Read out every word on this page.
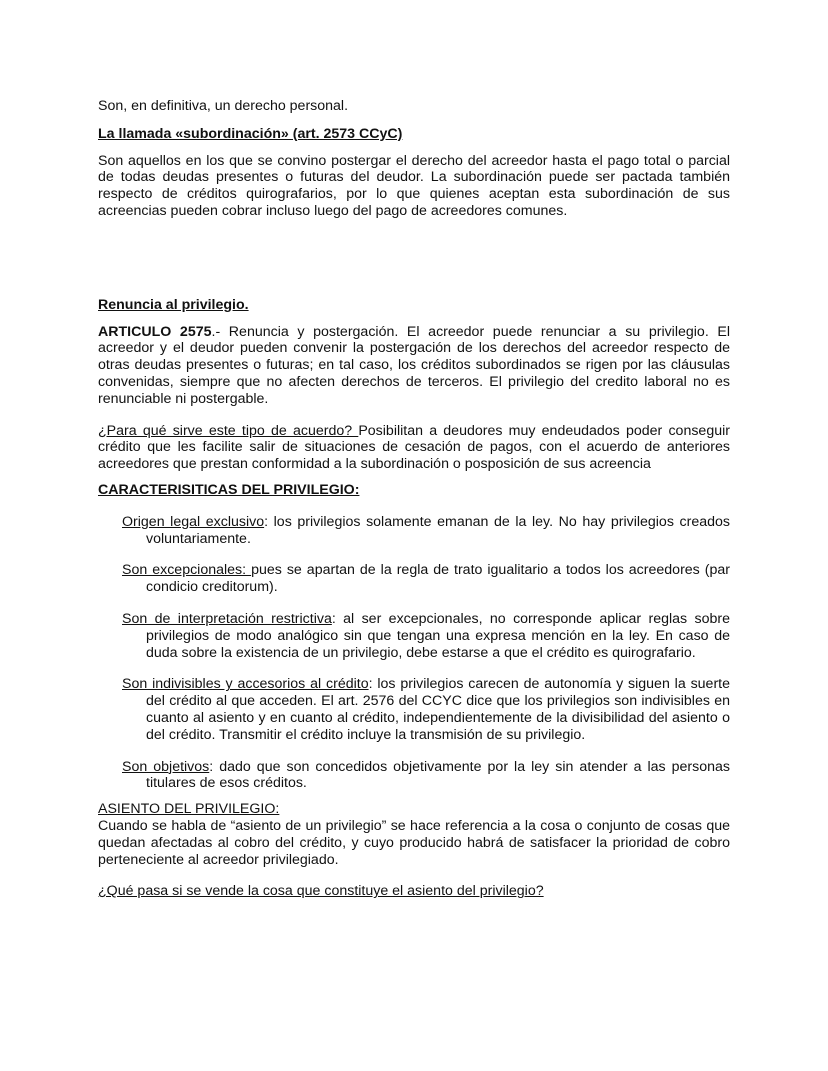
Son, en definitiva, un derecho personal.

La llamada «subordinación» (art. 2573 CCyC)

Son aquellos en los que se convino postergar el derecho del acreedor hasta el pago total o parcial de todas deudas presentes o futuras del deudor. La subordinación puede ser pactada también respecto de créditos quirografarios, por lo que quienes aceptan esta subordinación de sus acreencias pueden cobrar incluso luego del pago de acreedores comunes.

Renuncia al privilegio.

ARTICULO 2575.- Renuncia y postergación. El acreedor puede renunciar a su privilegio. El acreedor y el deudor pueden convenir la postergación de los derechos del acreedor respecto de otras deudas presentes o futuras; en tal caso, los créditos subordinados se rigen por las cláusulas convenidas, siempre que no afecten derechos de terceros. El privilegio del credito laboral no es renunciable ni postergable.

¿Para qué sirve este tipo de acuerdo? Posibilitan a deudores muy endeudados poder conseguir crédito que les facilite salir de situaciones de cesación de pagos, con el acuerdo de anteriores acreedores que prestan conformidad a la subordinación o posposición de sus acreencia

CARACTERISITICAS DEL PRIVILEGIO:

Origen legal exclusivo: los privilegios solamente emanan de la ley. No hay privilegios creados voluntariamente.

Son excepcionales: pues se apartan de la regla de trato igualitario a todos los acreedores (par condicio creditorum).

Son de interpretación restrictiva: al ser excepcionales, no corresponde aplicar reglas sobre privilegios de modo analógico sin que tengan una expresa mención en la ley. En caso de duda sobre la existencia de un privilegio, debe estarse a que el crédito es quirografario.

Son indivisibles y accesorios al crédito: los privilegios carecen de autonomía y siguen la suerte del crédito al que acceden. El art. 2576 del CCYC dice que los privilegios son indivisibles en cuanto al asiento y en cuanto al crédito, independientemente de la divisibilidad del asiento o del crédito. Transmitir el crédito incluye la transmisión de su privilegio.

Son objetivos: dado que son concedidos objetivamente por la ley sin atender a las personas titulares de esos créditos.

ASIENTO DEL PRIVILEGIO:

Cuando se habla de “asiento de un privilegio” se hace referencia a la cosa o conjunto de cosas que quedan afectadas al cobro del crédito, y cuyo producido habrá de satisfacer la prioridad de cobro perteneciente al acreedor privilegiado.

¿Qué pasa si se vende la cosa que constituye el asiento del privilegio?
